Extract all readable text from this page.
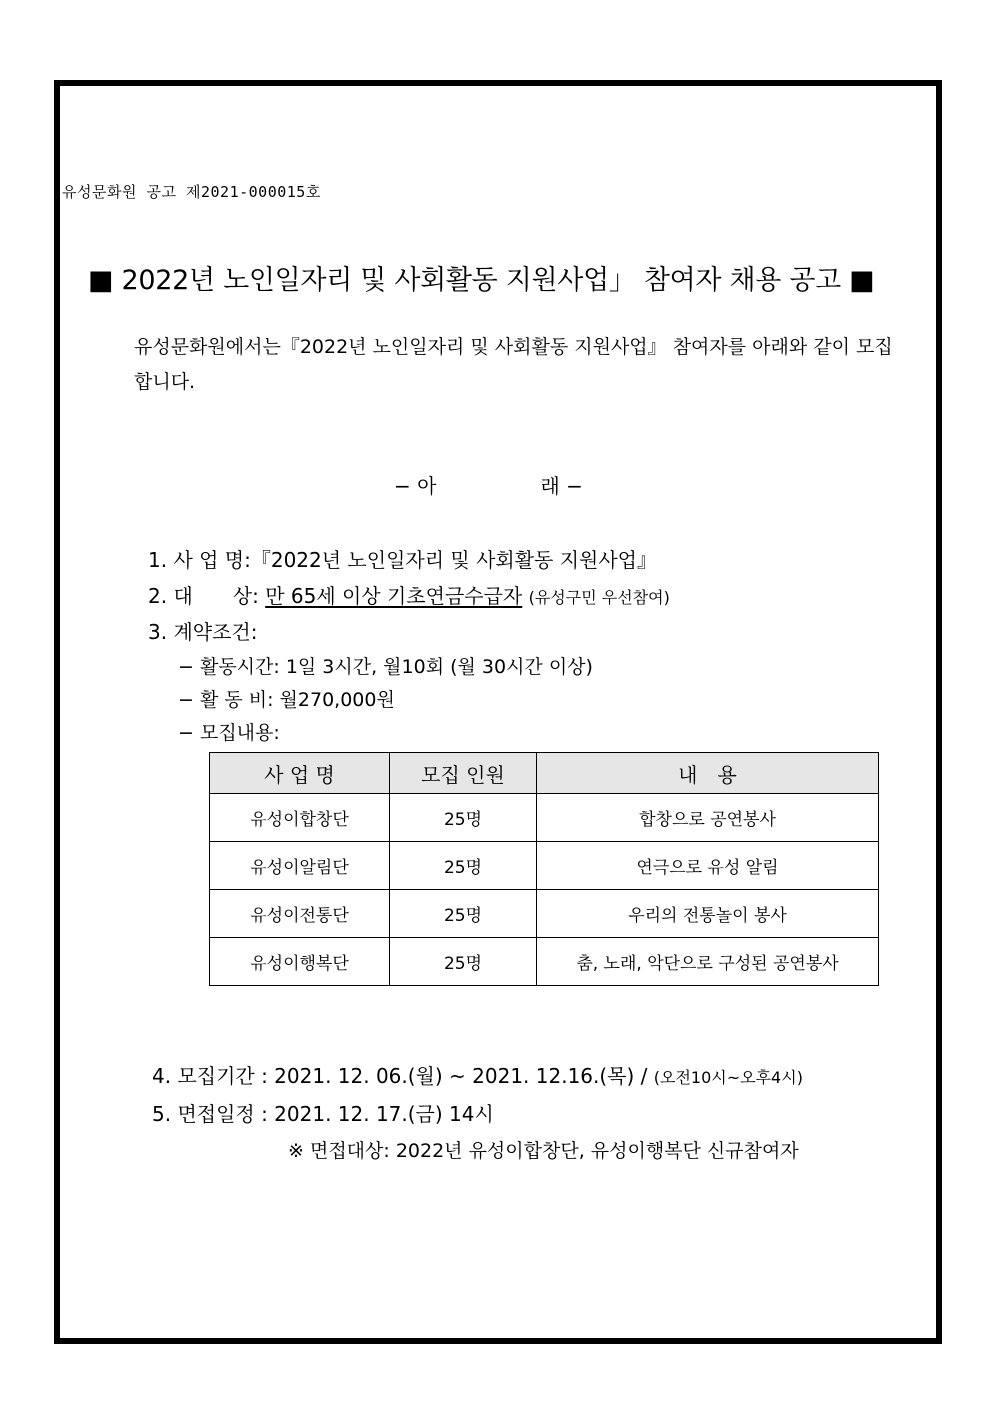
유성문화원 공고 제2021-000015호
■ 2022년 노인일자리 및 사회활동 지원사업」 참여자 채용 공고 ■
유성문화원에서는『2022년 노인일자리 및 사회활동 지원사업』 참여자를 아래와 같이 모집합니다.
− 아	래 −
1. 사 업 명:『2022년 노인일자리 및 사회활동 지원사업』
2. 대　　상: 만 65세 이상 기초연금수급자 (유성구민 우선참여)
3. 계약조건:
− 활동시간: 1일 3시간, 월10회 (월 30시간 이상)
− 활 동 비: 월270,000원
− 모집내용:
사 업 명	모집 인원	내　용
유성이합창단	25명	합창으로 공연봉사
유성이알림단	25명	연극으로 유성 알림
유성이전통단	25명	우리의 전통놀이 봉사
유성이행복단	25명	춤, 노래, 악단으로 구성된 공연봉사
4. 모집기간 : 2021. 12. 06.(월) ~ 2021. 12.16.(목) / (오전10시~오후4시)
5. 면접일정 : 2021. 12. 17.(금) 14시
※ 면접대상: 2022년 유성이합창단, 유성이행복단 신규참여자
